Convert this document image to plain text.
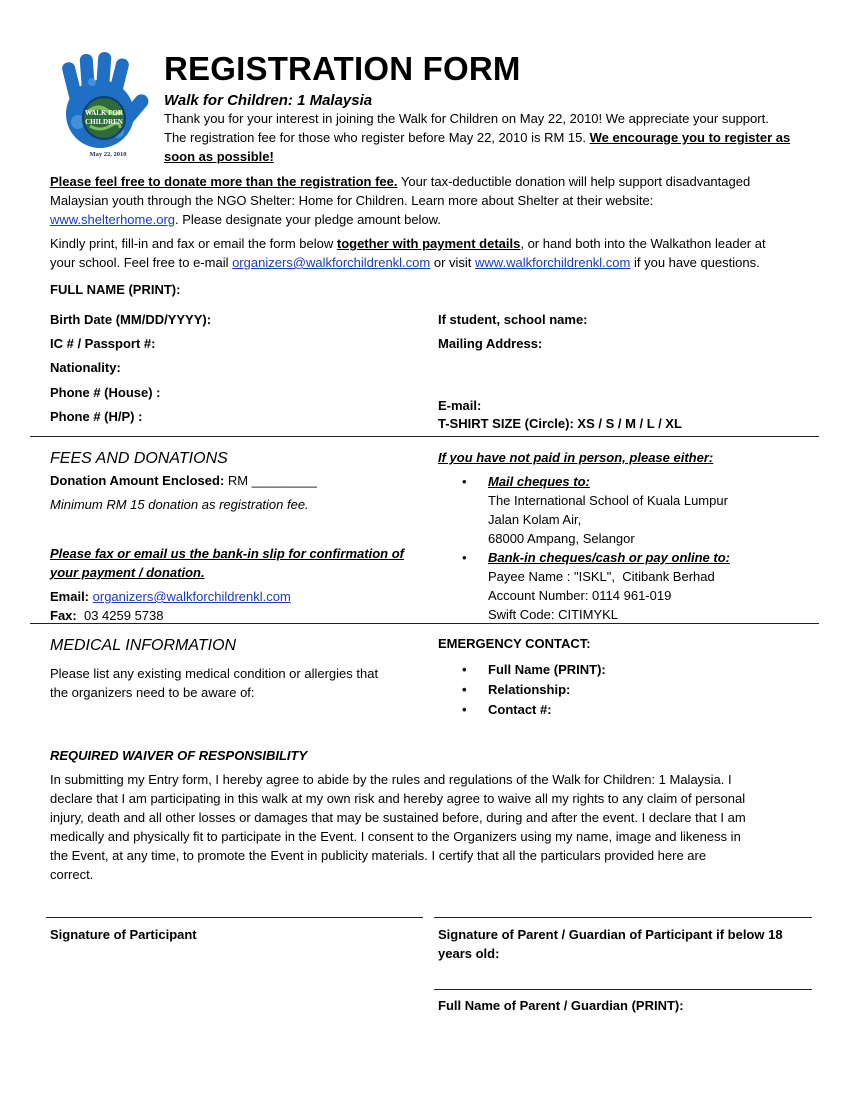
WALK FOR
CHILDREN
May 22, 2010
REGISTRATION FORM
Walk for Children: 1 Malaysia
Thank you for your interest in joining the Walk for Children on May 22, 2010! We appreciate your support.
The registration fee for those who register before May 22, 2010 is RM 15. We encourage you to register as
soon as possible!
Please feel free to donate more than the registration fee. Your tax-deductible donation will help support disadvantaged
Malaysian youth through the NGO Shelter: Home for Children. Learn more about Shelter at their website:
www.shelterhome.org. Please designate your pledge amount below.
Kindly print, fill-in and fax or email the form below together with payment details, or hand both into the Walkathon leader at
your school. Feel free to e-mail organizers@walkforchildrenkl.com or visit www.walkforchildrenkl.com if you have questions.
FULL NAME (PRINT):
Birth Date (MM/DD/YYYY):
IC # / Passport #:
Nationality:
Phone # (House) :
Phone # (H/P) :
If student, school name:
Mailing Address:
E-mail:
T-SHIRT SIZE (Circle): XS / S / M / L / XL
FEES AND DONATIONS
Donation Amount Enclosed: RM _________
Minimum RM 15 donation as registration fee.
Please fax or email us the bank-in slip for confirmation of
your payment / donation.
Email: organizers@walkforchildrenkl.com
Fax: 03 4259 5738
If you have not paid in person, please either:
• Mail cheques to:
The International School of Kuala Lumpur
Jalan Kolam Air,
68000 Ampang, Selangor
• Bank-in cheques/cash or pay online to:
Payee Name : "ISKL",  Citibank Berhad
Account Number: 0114 961-019
Swift Code: CITIMYKL
MEDICAL INFORMATION
Please list any existing medical condition or allergies that
the organizers need to be aware of:
EMERGENCY CONTACT:
• Full Name (PRINT):
• Relationship:
• Contact #:
REQUIRED WAIVER OF RESPONSIBILITY
In submitting my Entry form, I hereby agree to abide by the rules and regulations of the Walk for Children: 1 Malaysia. I
declare that I am participating in this walk at my own risk and hereby agree to waive all my rights to any claim of personal
injury, death and all other losses or damages that may be sustained before, during and after the event. I declare that I am
medically and physically fit to participate in the Event. I consent to the Organizers using my name, image and likeness in
the Event, at any time, to promote the Event in publicity materials. I certify that all the particulars provided here are
correct.
Signature of Participant	Signature of Parent / Guardian of Participant if below 18
years old:
Full Name of Parent / Guardian (PRINT):
